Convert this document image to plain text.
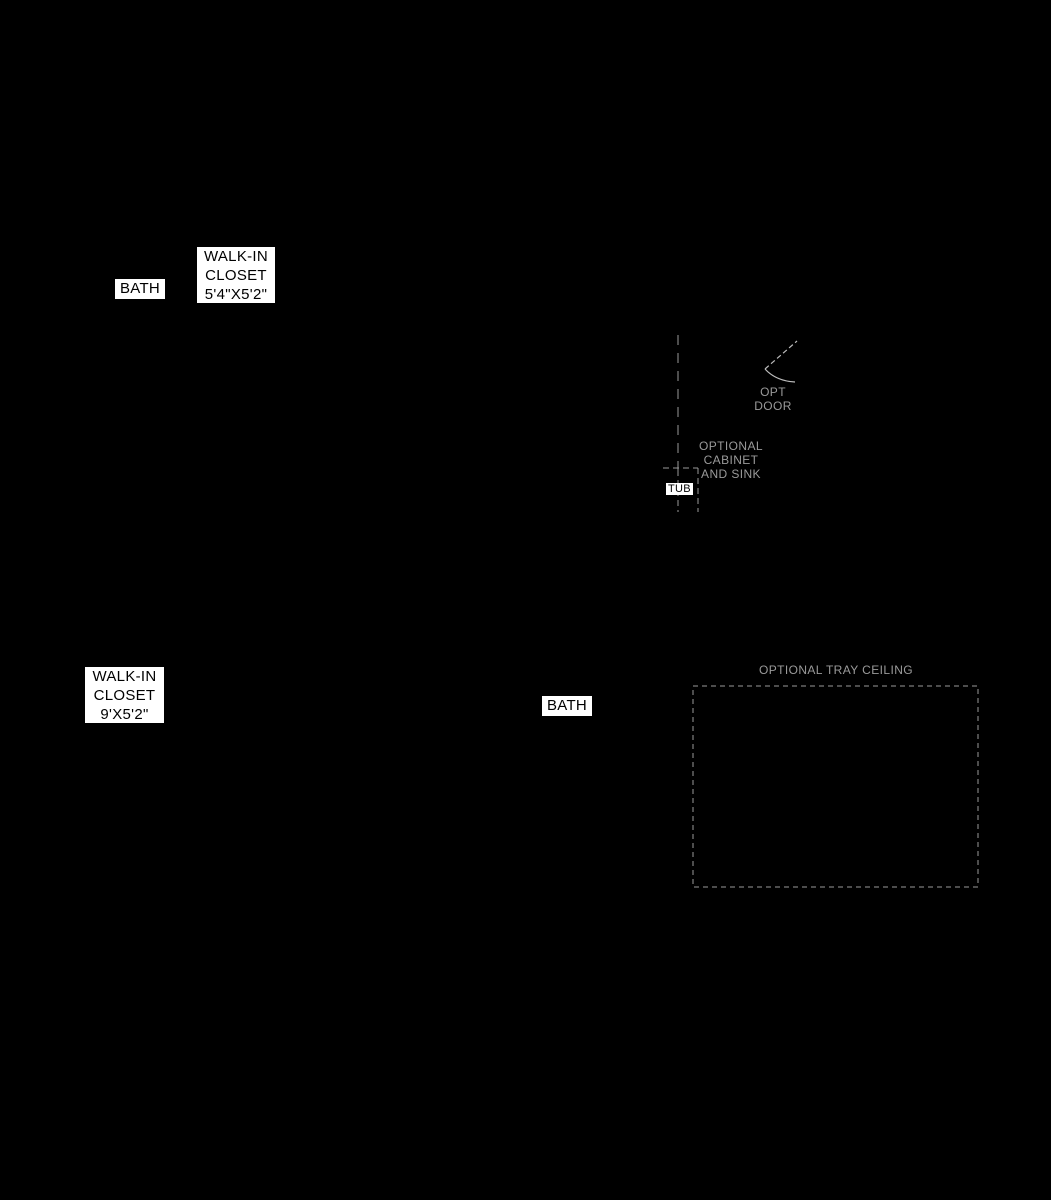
BATH
WALK-IN
CLOSET
5'4"X5'2"
WALK-IN
CLOSET
9'X5'2"
BATH
TUB
OPT
DOOR
OPTIONAL
CABINET
AND SINK
OPTIONAL TRAY CEILING
